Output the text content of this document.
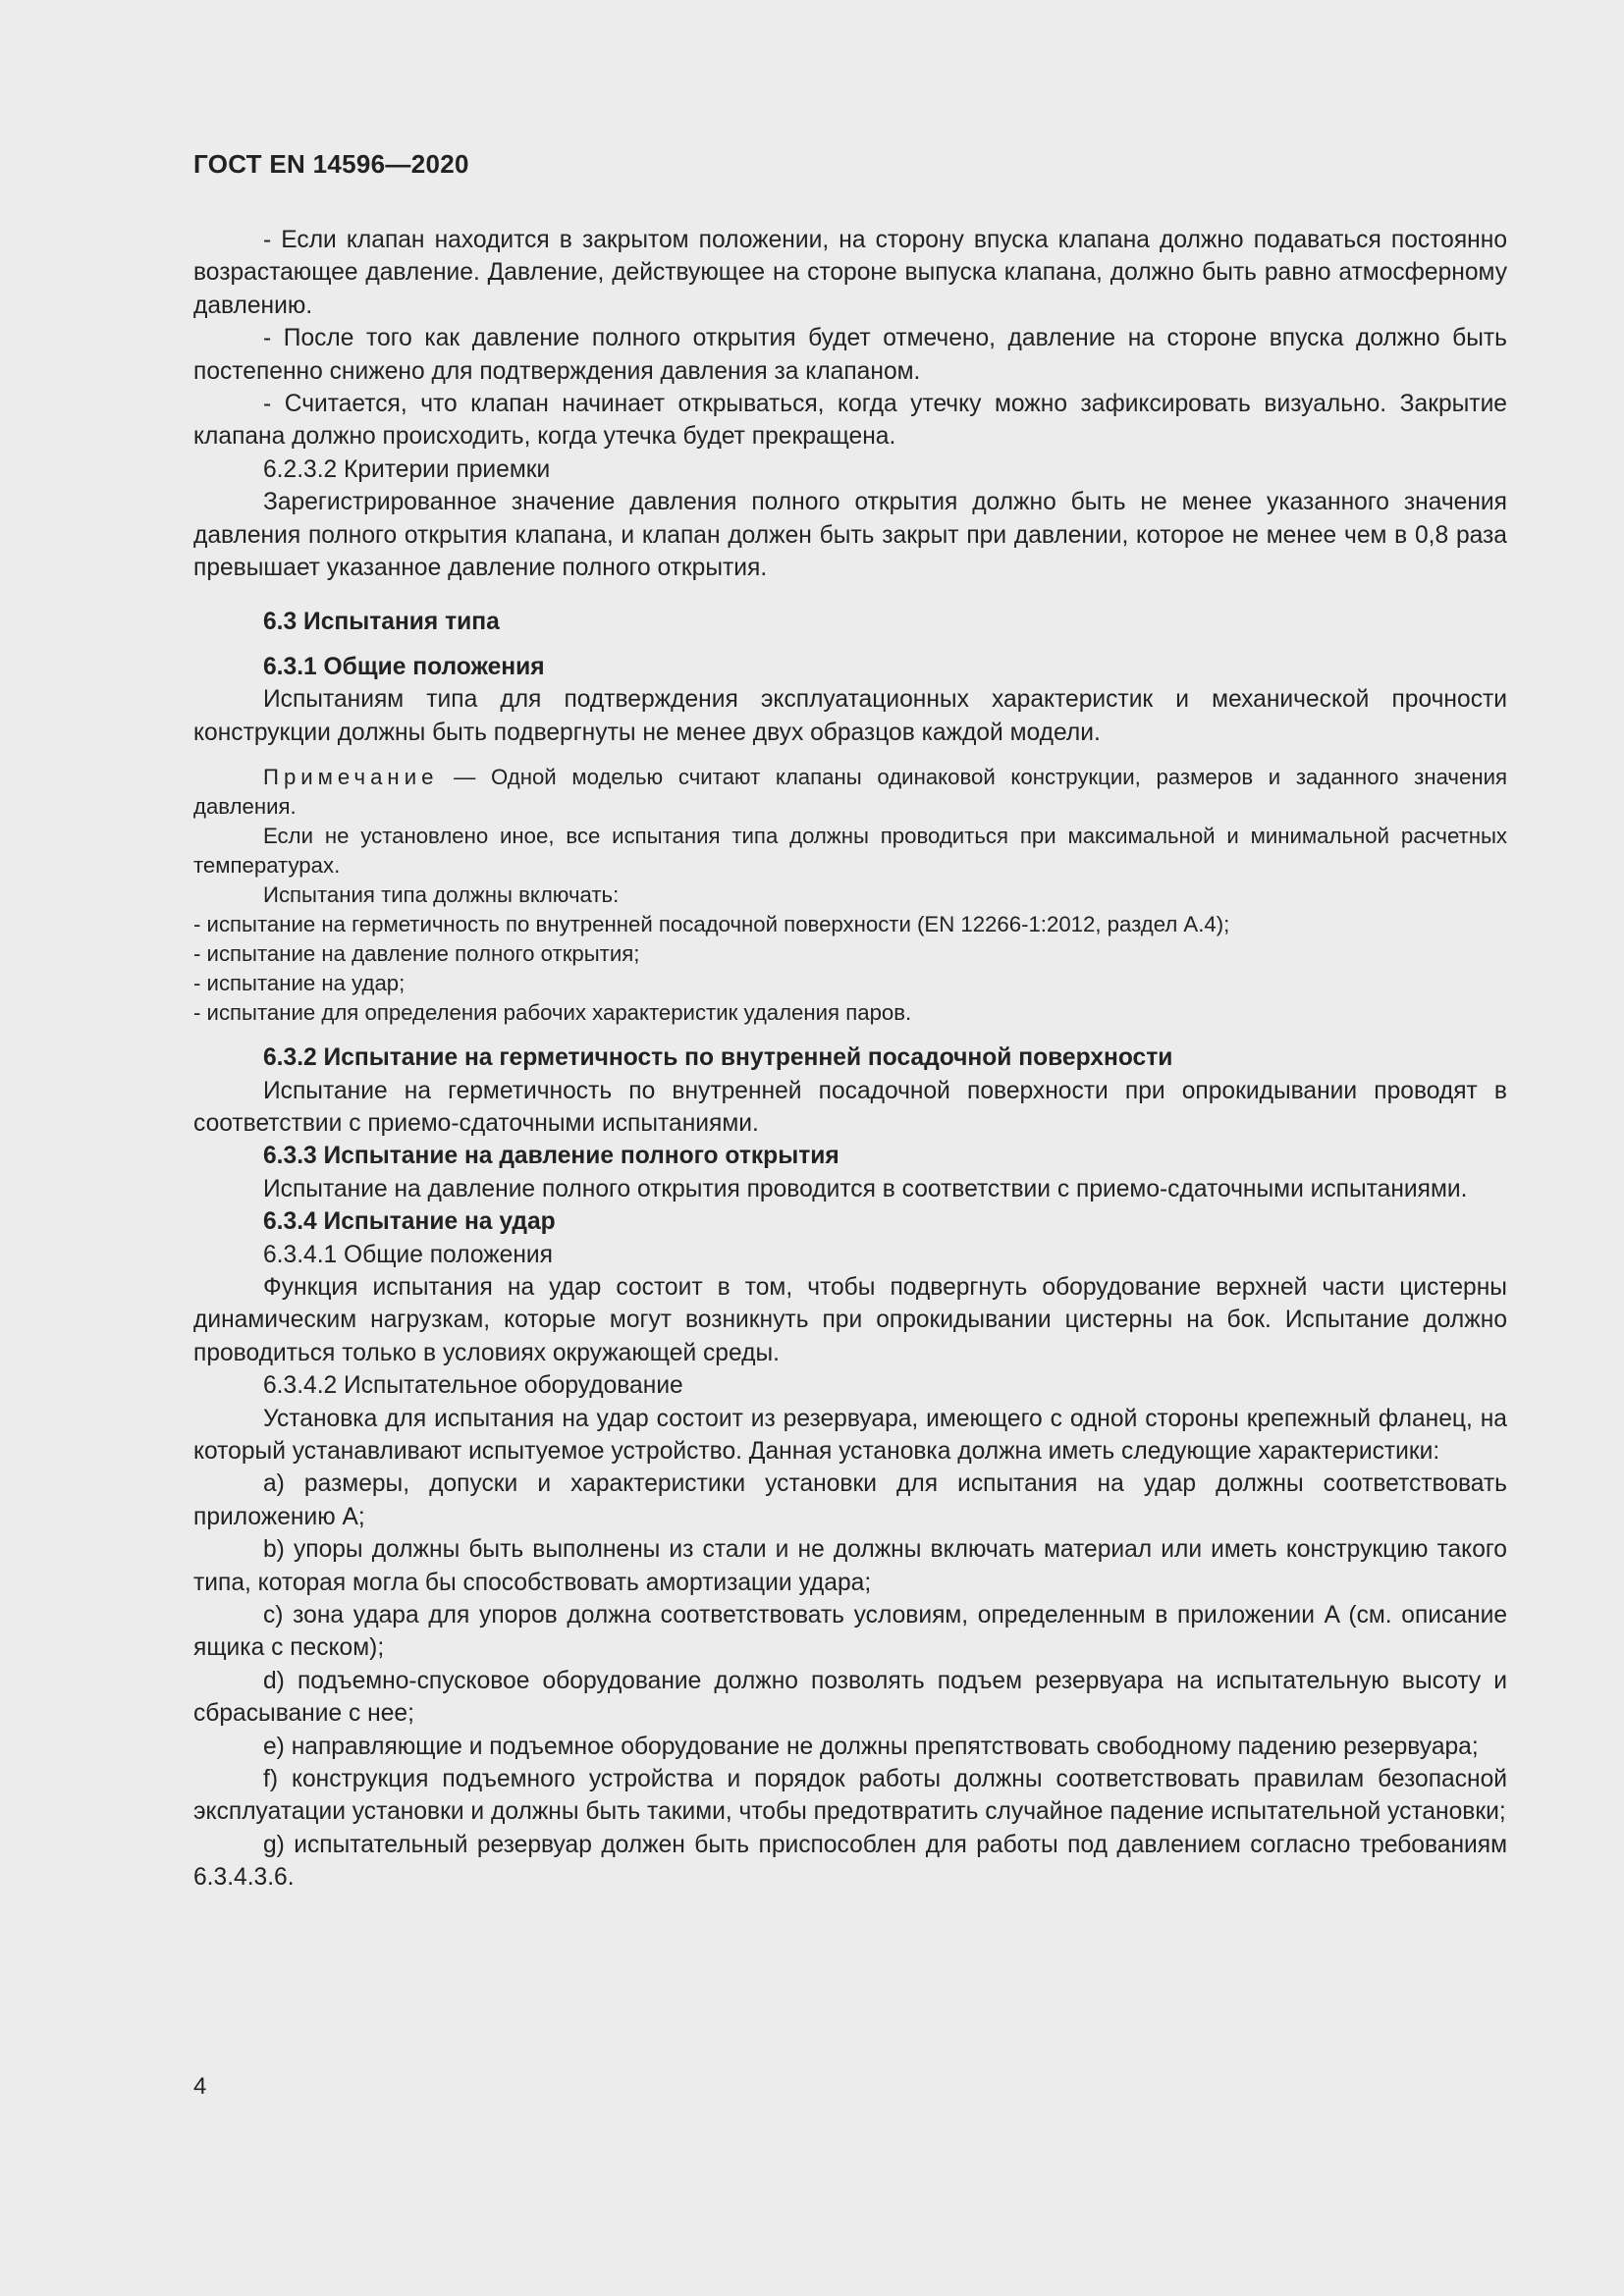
ГОСТ EN 14596—2020

- Если клапан находится в закрытом положении, на сторону впуска клапана должно подаваться постоянно возрастающее давление. Давление, действующее на стороне выпуска клапана, должно быть равно атмосферному давлению.

- После того как давление полного открытия будет отмечено, давление на стороне впуска должно быть постепенно снижено для подтверждения давления за клапаном.

- Считается, что клапан начинает открываться, когда утечку можно зафиксировать визуально. Закрытие клапана должно происходить, когда утечка будет прекращена.

6.2.3.2 Критерии приемки

Зарегистрированное значение давления полного открытия должно быть не менее указанного значения давления полного открытия клапана, и клапан должен быть закрыт при давлении, которое не менее чем в 0,8 раза превышает указанное давление полного открытия.

6.3 Испытания типа

6.3.1 Общие положения

Испытаниям типа для подтверждения эксплуатационных характеристик и механической прочности конструкции должны быть подвергнуты не менее двух образцов каждой модели.

Примечание — Одной моделью считают клапаны одинаковой конструкции, размеров и заданного значения давления.

Если не установлено иное, все испытания типа должны проводиться при максимальной и минимальной расчетных температурах.

Испытания типа должны включать:

- испытание на герметичность по внутренней посадочной поверхности (EN 12266-1:2012, раздел A.4);

- испытание на давление полного открытия;

- испытание на удар;

- испытание для определения рабочих характеристик удаления паров.

6.3.2 Испытание на герметичность по внутренней посадочной поверхности

Испытание на герметичность по внутренней посадочной поверхности при опрокидывании проводят в соответствии с приемо-сдаточными испытаниями.

6.3.3 Испытание на давление полного открытия

Испытание на давление полного открытия проводится в соответствии с приемо-сдаточными испытаниями.

6.3.4 Испытание на удар

6.3.4.1 Общие положения

Функция испытания на удар состоит в том, чтобы подвергнуть оборудование верхней части цистерны динамическим нагрузкам, которые могут возникнуть при опрокидывании цистерны на бок. Испытание должно проводиться только в условиях окружающей среды.

6.3.4.2 Испытательное оборудование

Установка для испытания на удар состоит из резервуара, имеющего с одной стороны крепежный фланец, на который устанавливают испытуемое устройство. Данная установка должна иметь следующие характеристики:

a) размеры, допуски и характеристики установки для испытания на удар должны соответствовать приложению A;

b) упоры должны быть выполнены из стали и не должны включать материал или иметь конструкцию такого типа, которая могла бы способствовать амортизации удара;

c) зона удара для упоров должна соответствовать условиям, определенным в приложении A (см. описание ящика с песком);

d) подъемно-спусковое оборудование должно позволять подъем резервуара на испытательную высоту и сбрасывание с нее;

e) направляющие и подъемное оборудование не должны препятствовать свободному падению резервуара;

f) конструкция подъемного устройства и порядок работы должны соответствовать правилам безопасной эксплуатации установки и должны быть такими, чтобы предотвратить случайное падение испытательной установки;

g) испытательный резервуар должен быть приспособлен для работы под давлением согласно требованиям 6.3.4.3.6.

4
